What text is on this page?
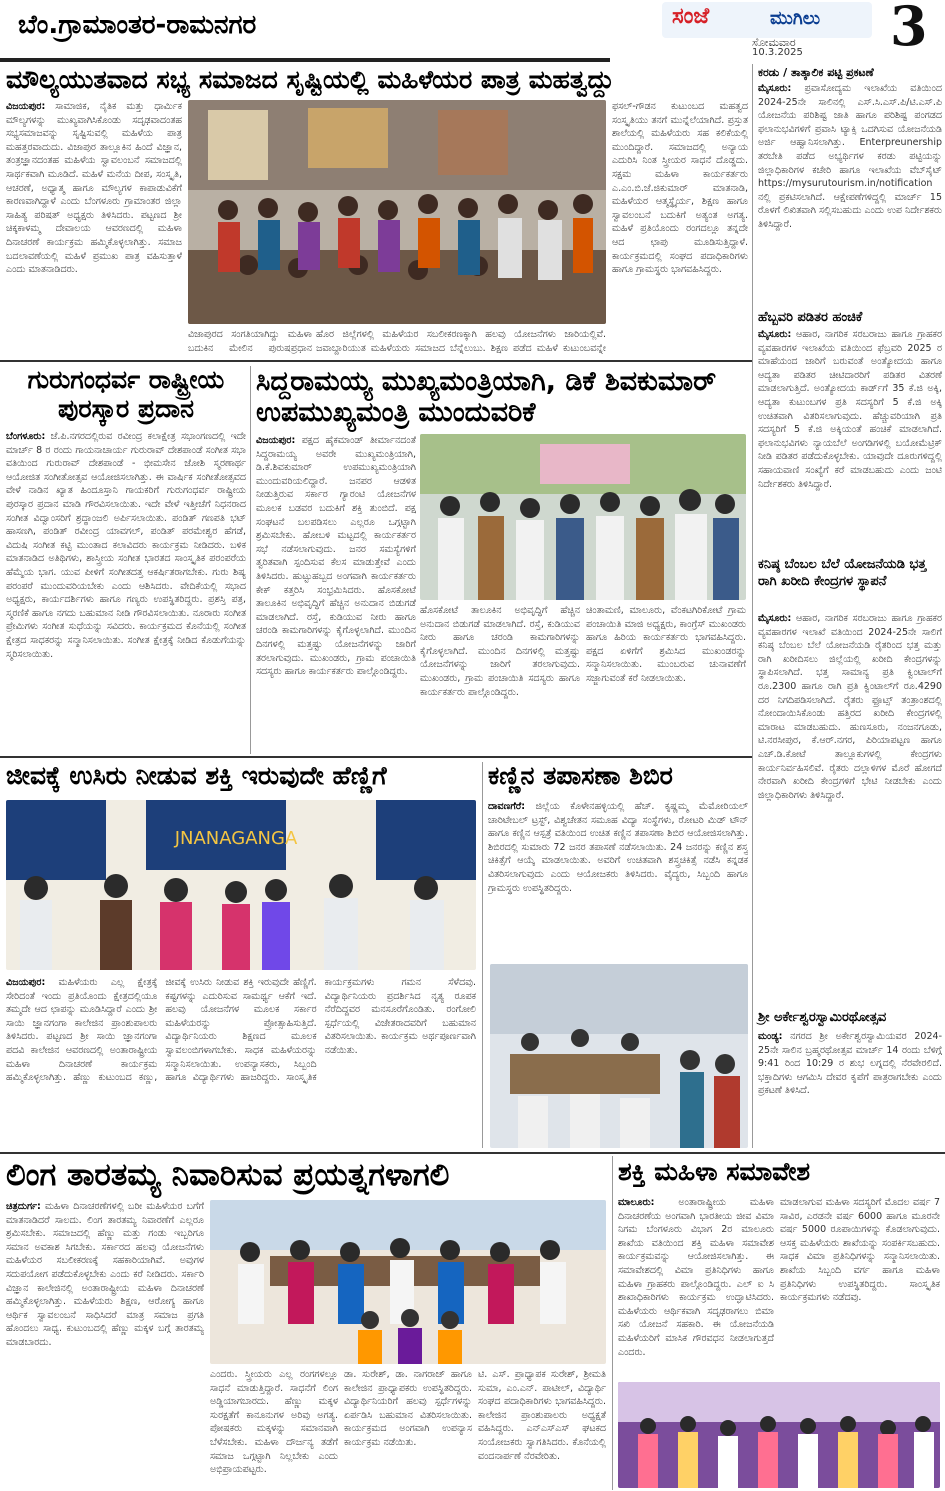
ಬೆಂ.ಗ್ರಾಮಾಂತರ-ರಾಮನಗರ	ಸಂಜೆ	ಮುಗಿಲು
ಸೋಮವಾರ
10.3.2025 3
ಮೌಲ್ಯಯುತವಾದ ಸಭ್ಯ ಸಮಾಜದ ಸೃಷ್ಟಿಯಲ್ಲಿ ಮಹಿಳೆಯರ ಪಾತ್ರ ಮಹತ್ವದ್ದು
ವಿಜಯಪುರ: ಸಾಮಾಜಿಕ, ನೈತಿಕ ಮತ್ತು ಧಾರ್ಮಿಕ ಮೌಲ್ಯಗಳನ್ನು ಮುಖ್ಯವಾಗಿಸಿಕೊಂಡು ಸದೃಢವಾದಂತಹ ಸಭ್ಯಸಮಾಜವನ್ನು ಸೃಷ್ಟಿಸುವಲ್ಲಿ ಮಹಿಳೆಯ ಪಾತ್ರ ಮಹತ್ತರವಾದುದು. ವಿಜಾಪುರ ತಾಲ್ಲೂಕಿನ ಹಿಂದೆ ವಿಜ್ಞಾನ, ತಂತ್ರಜ್ಞಾನದಂತಹ ಮಹಿಳೆಯ ಸ್ವಾವಲಂಬನೆ ಸಮಾಜದಲ್ಲಿ ಸಾರ್ಥಕವಾಗಿ ಮೂಡಿದೆ. ಮಹಿಳೆ ಮನೆಯ ದೀಪ, ಸಂಸ್ಕೃತಿ, ಆಚರಣೆ, ಅಧ್ಯಾತ್ಮ ಹಾಗೂ ಮೌಲ್ಯಗಳ ಕಾಪಾಡುವಿಕೆಗೆ ಕಾರಣವಾಗಿದ್ದಾಳೆ ಎಂದು ಬೆಂಗಳೂರು ಗ್ರಾಮಾಂತರ ಜಿಲ್ಲಾ ಸಾಹಿತ್ಯ ಪರಿಷತ್ ಅಧ್ಯಕ್ಷರು ತಿಳಿಸಿದರು. ಪಟ್ಟಣದ ಶ್ರೀ ಚಿಕ್ಕಕಾಳಮ್ಮ ದೇವಾಲಯ ಆವರಣದಲ್ಲಿ ಮಹಿಳಾ ದಿನಾಚರಣೆ ಕಾರ್ಯಕ್ರಮ ಹಮ್ಮಿಕೊಳ್ಳಲಾಗಿತ್ತು. ಸಮಾಜ ಬದಲಾವಣೆಯಲ್ಲಿ ಮಹಿಳೆ ಪ್ರಮುಖ ಪಾತ್ರ ವಹಿಸುತ್ತಾಳೆ ಎಂದು ಮಾತನಾಡಿದರು.
ವಿಜಾಪುರದ ಸಂಗತಿಯಾಗಿದ್ದು ಮಹಿಳಾ ಬದುಕಿನ ಮೇಲಿನ ಪುರುಷಪ್ರಧಾನ
ಹೊರ ಜಿಲ್ಲೆಗಳಲ್ಲಿ ಮಹಿಳೆಯರ ಸಬಲೀಕರಣಕ್ಕಾಗಿ ಹಲವು ಯೋಜನೆಗಳು ಜಾರಿಯಲ್ಲಿವೆ. ಜವಾಬ್ದಾರಿಯುತ ಮಹಿಳೆಯರು ಸಮಾಜದ ಬೆನ್ನೆಲುಬು. ಶಿಕ್ಷಣ ಪಡೆದ ಮಹಿಳೆ ಕುಟುಂಬವನ್ನೇ
ಗುರುಗಂಧರ್ವ ರಾಷ್ಟ್ರೀಯ ಪುರಸ್ಕಾರ ಪ್ರದಾನ
ಬೆಂಗಳೂರು: ಜೆ.ಪಿ.ನಗರದಲ್ಲಿರುವ ರವೀಂದ್ರ ಕಲಾಕ್ಷೇತ್ರ ಸಭಾಂಗಣದಲ್ಲಿ ಇದೇ ಮಾರ್ಚ್ 8 ರ ರಂದು ಗಾಯನಾಚಾರ್ಯ ಗುರುರಾವ್ ದೇಶಪಾಂಡೆ ಸಂಗೀತ ಸಭಾ ವತಿಯಿಂದ ಗುರುರಾವ್ ದೇಶಪಾಂಡೆ - ಭೀಮಸೇನ ಜೋಶಿ ಸ್ಮರಣಾರ್ಥ ಆಯೋಜಿತ ಸಂಗೀತೋತ್ಸವ ಆಯೋಜಿಸಲಾಗಿತ್ತು. ಈ ವಾರ್ಷಿಕ ಸಂಗೀತೋತ್ಸವದ ವೇಳೆ ನಾಡಿನ ಖ್ಯಾತ ಹಿಂದೂಸ್ತಾನಿ ಗಾಯಕರಿಗೆ ಗುರುಗಂಧರ್ವ ರಾಷ್ಟ್ರೀಯ ಪುರಸ್ಕಾರ ಪ್ರದಾನ ಮಾಡಿ ಗೌರವಿಸಲಾಯಿತು. ಇದೇ ವೇಳೆ ಇತ್ತೀಚೆಗೆ ನಿಧನರಾದ ಸಂಗೀತ ವಿದ್ವಾಂಸರಿಗೆ ಶ್ರದ್ಧಾಂಜಲಿ ಅರ್ಪಿಸಲಾಯಿತು. ಪಂಡಿತ್ ಗಣಪತಿ ಭಟ್ ಹಾಸಣಗಿ, ಪಂಡಿತ್ ರವೀಂದ್ರ ಯಾವಗಲ್, ಪಂಡಿತ್ ಪರಮೇಶ್ವರ ಹೆಗಡೆ, ವಿದುಷಿ ಸಂಗೀತ ಕಟ್ಟಿ ಮುಂತಾದ ಕಲಾವಿದರು ಕಾರ್ಯಕ್ರಮ ನೀಡಿದರು. ಬಳಿಕ ಮಾತನಾಡಿದ ಅತಿಥಿಗಳು, ಶಾಸ್ತ್ರೀಯ ಸಂಗೀತ ಭಾರತದ ಸಾಂಸ್ಕೃತಿಕ ಪರಂಪರೆಯ ಹೆಮ್ಮೆಯ ಭಾಗ. ಯುವ ಪೀಳಿಗೆ ಸಂಗೀತದತ್ತ ಆಕರ್ಷಿತರಾಗಬೇಕು. ಗುರು ಶಿಷ್ಯ ಪರಂಪರೆ ಮುಂದುವರಿಯಬೇಕು ಎಂದು ಆಶಿಸಿದರು. ವೇದಿಕೆಯಲ್ಲಿ ಸಭಾದ ಅಧ್ಯಕ್ಷರು, ಕಾರ್ಯದರ್ಶಿಗಳು ಹಾಗೂ ಗಣ್ಯರು ಉಪಸ್ಥಿತರಿದ್ದರು. ಪ್ರಶಸ್ತಿ ಪತ್ರ, ಸ್ಮರಣಿಕೆ ಹಾಗೂ ನಗದು ಬಹುಮಾನ ನೀಡಿ ಗೌರವಿಸಲಾಯಿತು. ನೂರಾರು ಸಂಗೀತ ಪ್ರೇಮಿಗಳು ಸಂಗೀತ ಸುಧೆಯನ್ನು ಸವಿದರು. ಕಾರ್ಯಕ್ರಮದ ಕೊನೆಯಲ್ಲಿ ಸಂಗೀತ ಕ್ಷೇತ್ರದ ಸಾಧಕರನ್ನು ಸನ್ಮಾನಿಸಲಾಯಿತು. ಸಂಗೀತ ಕ್ಷೇತ್ರಕ್ಕೆ ನೀಡಿದ ಕೊಡುಗೆಯನ್ನು ಸ್ಮರಿಸಲಾಯಿತು.
ಸಿದ್ದರಾಮಯ್ಯ ಮುಖ್ಯಮಂತ್ರಿಯಾಗಿ, ಡಿಕೆ ಶಿವಕುಮಾರ್ ಉಪಮುಖ್ಯಮಂತ್ರಿ ಮುಂದುವರಿಕೆ
ವಿಜಯಪುರ: ಪಕ್ಷದ ಹೈಕಮಾಂಡ್ ತೀರ್ಮಾನದಂತೆ ಸಿದ್ದರಾಮಯ್ಯ ಅವರೇ ಮುಖ್ಯಮಂತ್ರಿಯಾಗಿ, ಡಿ.ಕೆ.ಶಿವಕುಮಾರ್ ಉಪಮುಖ್ಯಮಂತ್ರಿಯಾಗಿ ಮುಂದುವರಿಯಲಿದ್ದಾರೆ. ಜನಪರ ಆಡಳಿತ ನೀಡುತ್ತಿರುವ ಸರ್ಕಾರ ಗ್ಯಾರಂಟಿ ಯೋಜನೆಗಳ ಮೂಲಕ ಬಡವರ ಬದುಕಿಗೆ ಶಕ್ತಿ ತುಂಬಿದೆ. ಪಕ್ಷ ಸಂಘಟನೆ ಬಲಪಡಿಸಲು ಎಲ್ಲರೂ ಒಗ್ಗಟ್ಟಾಗಿ ಶ್ರಮಿಸಬೇಕು. ಹೋಬಳಿ ಮಟ್ಟದಲ್ಲಿ ಕಾರ್ಯಕರ್ತರ ಸಭೆ ನಡೆಸಲಾಗುವುದು. ಜನರ ಸಮಸ್ಯೆಗಳಿಗೆ ತ್ವರಿತವಾಗಿ ಸ್ಪಂದಿಸುವ ಕೆಲಸ ಮಾಡುತ್ತೇವೆ ಎಂದು ತಿಳಿಸಿದರು. ಹುಟ್ಟುಹಬ್ಬದ ಅಂಗವಾಗಿ ಕಾರ್ಯಕರ್ತರು ಕೇಕ್ ಕತ್ತರಿಸಿ ಸಂಭ್ರಮಿಸಿದರು. ಹೊಸಕೋಟೆ ತಾಲೂಕಿನ ಅಭಿವೃದ್ಧಿಗೆ ಹೆಚ್ಚಿನ ಅನುದಾನ ಬಿಡುಗಡೆ ಮಾಡಲಾಗಿದೆ. ರಸ್ತೆ, ಕುಡಿಯುವ ನೀರು ಹಾಗೂ ಚರಂಡಿ ಕಾಮಗಾರಿಗಳನ್ನು ಕೈಗೊಳ್ಳಲಾಗಿದೆ. ಮುಂದಿನ ದಿನಗಳಲ್ಲಿ ಮತ್ತಷ್ಟು ಯೋಜನೆಗಳನ್ನು ಜಾರಿಗೆ ತರಲಾಗುವುದು. ಮುಖಂಡರು, ಗ್ರಾಮ ಪಂಚಾಯಿತಿ ಸದಸ್ಯರು ಹಾಗೂ ಕಾರ್ಯಕರ್ತರು ಪಾಲ್ಗೊಂಡಿದ್ದರು.
ಹೊಸಕೋಟೆ ತಾಲೂಕಿನ ಅಭಿವೃದ್ಧಿಗೆ ಹೆಚ್ಚಿನ ಅನುದಾನ ಬಿಡುಗಡೆ ಮಾಡಲಾಗಿದೆ. ರಸ್ತೆ, ಕುಡಿಯುವ ನೀರು ಹಾಗೂ ಚರಂಡಿ ಕಾಮಗಾರಿಗಳನ್ನು ಕೈಗೊಳ್ಳಲಾಗಿದೆ. ಮುಂದಿನ ದಿನಗಳಲ್ಲಿ ಮತ್ತಷ್ಟು ಯೋಜನೆಗಳನ್ನು ಜಾರಿಗೆ ತರಲಾಗುವುದು. ಮುಖಂಡರು, ಗ್ರಾಮ ಪಂಚಾಯಿತಿ ಸದಸ್ಯರು ಹಾಗೂ ಕಾರ್ಯಕರ್ತರು ಪಾಲ್ಗೊಂಡಿದ್ದರು.
ಚಿಂತಾಮಣಿ, ಮಾಲೂರು, ವೆಂಕಟಗಿರಿಕೋಟೆ ಗ್ರಾಮ ಪಂಚಾಯಿತಿ ಮಾಜಿ ಅಧ್ಯಕ್ಷರು, ಕಾಂಗ್ರೆಸ್ ಮುಖಂಡರು ಹಾಗೂ ಹಿರಿಯ ಕಾರ್ಯಕರ್ತರು ಭಾಗವಹಿಸಿದ್ದರು. ಪಕ್ಷದ ಏಳಿಗೆಗೆ ಶ್ರಮಿಸಿದ ಮುಖಂಡರನ್ನು ಸನ್ಮಾನಿಸಲಾಯಿತು. ಮುಂಬರುವ ಚುನಾವಣೆಗೆ ಸಜ್ಜಾಗುವಂತೆ ಕರೆ ನೀಡಲಾಯಿತು.
ಜೀವಕ್ಕೆ ಉಸಿರು ನೀಡುವ ಶಕ್ತಿ ಇರುವುದೇ ಹೆಣ್ಣಿಗೆ
JNANAGANGA
ವಿಜಯಪುರ: ಮಹಿಳೆಯರು ಎಲ್ಲ ಕ್ಷೇತ್ರಕ್ಕೆ ಸೇರಿದಂತೆ ಇಂದು ಪ್ರತಿಯೊಂದು ಕ್ಷೇತ್ರದಲ್ಲಿಯೂ ತಮ್ಮದೇ ಆದ ಛಾಪನ್ನು ಮೂಡಿಸಿದ್ದಾರೆ ಎಂದು ಶ್ರೀ ಸಾಯಿ ಜ್ಞಾನಗಂಗಾ ಕಾಲೇಜಿನ ಪ್ರಾಂಶುಪಾಲರು ತಿಳಿಸಿದರು. ಪಟ್ಟಣದ ಶ್ರೀ ಸಾಯಿ ಜ್ಞಾನಗಂಗಾ ಪದವಿ ಕಾಲೇಜಿನ ಆವರಣದಲ್ಲಿ ಅಂತಾರಾಷ್ಟ್ರೀಯ ಮಹಿಳಾ ದಿನಾಚರಣೆ ಕಾರ್ಯಕ್ರಮ ಹಮ್ಮಿಕೊಳ್ಳಲಾಗಿತ್ತು. ಹೆಣ್ಣು ಕುಟುಂಬದ ಕಣ್ಣು, ಜೀವಕ್ಕೆ ಉಸಿರು ನೀಡುವ ಶಕ್ತಿ ಇರುವುದೇ ಹೆಣ್ಣಿಗೆ. ಕಷ್ಟಗಳನ್ನು ಎದುರಿಸುವ ಸಾಮರ್ಥ್ಯ ಆಕೆಗೆ ಇದೆ. ಹಲವು ಯೋಜನೆಗಳ ಮೂಲಕ ಸರ್ಕಾರ ಮಹಿಳೆಯರನ್ನು ಪ್ರೋತ್ಸಾಹಿಸುತ್ತಿದೆ. ವಿದ್ಯಾರ್ಥಿನಿಯರು ಶಿಕ್ಷಣದ ಮೂಲಕ ಸ್ವಾವಲಂಬಿಗಳಾಗಬೇಕು. ಸಾಧಕ ಮಹಿಳೆಯರನ್ನು ಸನ್ಮಾನಿಸಲಾಯಿತು. ಉಪನ್ಯಾಸಕರು, ಸಿಬ್ಬಂದಿ ಹಾಗೂ ವಿದ್ಯಾರ್ಥಿಗಳು ಹಾಜರಿದ್ದರು. ಸಾಂಸ್ಕೃತಿಕ ಕಾರ್ಯಕ್ರಮಗಳು ಗಮನ ಸೆಳೆದವು. ವಿದ್ಯಾರ್ಥಿನಿಯರು ಪ್ರದರ್ಶಿಸಿದ ನೃತ್ಯ ರೂಪಕ ನೆರೆದಿದ್ದವರ ಮನಸೂರೆಗೊಂಡಿತು. ರಂಗೋಲಿ ಸ್ಪರ್ಧೆಯಲ್ಲಿ ವಿಜೇತರಾದವರಿಗೆ ಬಹುಮಾನ ವಿತರಿಸಲಾಯಿತು. ಕಾರ್ಯಕ್ರಮ ಅರ್ಥಪೂರ್ಣವಾಗಿ ನಡೆಯಿತು.
ಕಣ್ಣಿನ ತಪಾಸಣಾ ಶಿಬಿರ
ದಾವಣಗೆರೆ: ಜಿಲ್ಲೆಯ ಕೊಳೇನಹಳ್ಳಿಯಲ್ಲಿ ಹೆಚ್. ಕೃಷ್ಣಮ್ಮ ಮೆಮೋರಿಯಲ್ ಚಾರಿಟೇಬಲ್ ಟ್ರಸ್ಟ್, ವಿಶ್ವಚೇತನ ಸಮೂಹ ವಿದ್ಯಾ ಸಂಸ್ಥೆಗಳು, ರೋಟರಿ ಮಿಡ್ ಟೌನ್ ಹಾಗೂ ಕಣ್ಣಿನ ಆಸ್ಪತ್ರೆ ವತಿಯಿಂದ ಉಚಿತ ಕಣ್ಣಿನ ತಪಾಸಣಾ ಶಿಬಿರ ಆಯೋಜಿಸಲಾಗಿತ್ತು. ಶಿಬಿರದಲ್ಲಿ ಸುಮಾರು 72 ಜನರ ತಪಾಸಣೆ ನಡೆಸಲಾಯಿತು. 24 ಜನರನ್ನು ಕಣ್ಣಿನ ಶಸ್ತ್ರ ಚಿಕಿತ್ಸೆಗೆ ಆಯ್ಕೆ ಮಾಡಲಾಯಿತು. ಅವರಿಗೆ ಉಚಿತವಾಗಿ ಶಸ್ತ್ರಚಿಕಿತ್ಸೆ ನಡೆಸಿ ಕನ್ನಡಕ ವಿತರಿಸಲಾಗುವುದು ಎಂದು ಆಯೋಜಕರು ತಿಳಿಸಿದರು. ವೈದ್ಯರು, ಸಿಬ್ಬಂದಿ ಹಾಗೂ ಗ್ರಾಮಸ್ಥರು ಉಪಸ್ಥಿತರಿದ್ದರು.
ಲಿಂಗ ತಾರತಮ್ಯ ನಿವಾರಿಸುವ ಪ್ರಯತ್ನಗಳಾಗಲಿ
ಚಿತ್ರದುರ್ಗ: ಮಹಿಳಾ ದಿನಾಚರಣೆಗಳಲ್ಲಿ ಬರೀ ಮಹಿಳೆಯರ ಬಗೆಗೆ ಮಾತನಾಡಿದರೆ ಸಾಲದು. ಲಿಂಗ ತಾರತಮ್ಯ ನಿವಾರಣೆಗೆ ಎಲ್ಲರೂ ಶ್ರಮಿಸಬೇಕು. ಸಮಾಜದಲ್ಲಿ ಹೆಣ್ಣು ಮತ್ತು ಗಂಡು ಇಬ್ಬರಿಗೂ ಸಮಾನ ಅವಕಾಶ ಸಿಗಬೇಕು. ಸರ್ಕಾರದ ಹಲವು ಯೋಜನೆಗಳು ಮಹಿಳೆಯರ ಸಬಲೀಕರಣಕ್ಕೆ ಸಹಕಾರಿಯಾಗಿವೆ. ಅವುಗಳ ಸದುಪಯೋಗ ಪಡೆದುಕೊಳ್ಳಬೇಕು ಎಂದು ಕರೆ ನೀಡಿದರು. ಸರ್ಕಾರಿ ವಿಜ್ಞಾನ ಕಾಲೇಜಿನಲ್ಲಿ ಅಂತಾರಾಷ್ಟ್ರೀಯ ಮಹಿಳಾ ದಿನಾಚರಣೆ ಹಮ್ಮಿಕೊಳ್ಳಲಾಗಿತ್ತು. ಮಹಿಳೆಯರು ಶಿಕ್ಷಣ, ಆರೋಗ್ಯ ಹಾಗೂ ಆರ್ಥಿಕ ಸ್ವಾವಲಂಬನೆ ಸಾಧಿಸಿದರೆ ಮಾತ್ರ ಸಮಾಜ ಪ್ರಗತಿ ಹೊಂದಲು ಸಾಧ್ಯ. ಕುಟುಂಬದಲ್ಲಿ ಹೆಣ್ಣು ಮಕ್ಕಳ ಬಗ್ಗೆ ತಾರತಮ್ಯ ಮಾಡಬಾರದು.
ಎಂದರು. ಸ್ತ್ರೀಯರು ಎಲ್ಲ ರಂಗಗಳಲ್ಲೂ ಸಾಧನೆ ಮಾಡುತ್ತಿದ್ದಾರೆ. ಸಾಧನೆಗೆ ಲಿಂಗ ಅಡ್ಡಿಯಾಗಬಾರದು. ಹೆಣ್ಣು ಮಕ್ಕಳ ಸುರಕ್ಷತೆಗೆ ಕಾನೂನುಗಳ ಅರಿವು ಅಗತ್ಯ. ಪೋಷಕರು ಮಕ್ಕಳನ್ನು ಸಮಾನವಾಗಿ ಬೆಳೆಸಬೇಕು. ಮಹಿಳಾ ದೌರ್ಜನ್ಯ ತಡೆಗೆ ಸಮಾಜ ಒಗ್ಗಟ್ಟಾಗಿ ನಿಲ್ಲಬೇಕು ಎಂದು ಅಭಿಪ್ರಾಯಪಟ್ಟರು.
ಡಾ. ಸುರೇಶ್, ಡಾ. ನಾಗರಾಜ್ ಹಾಗೂ ಕಾಲೇಜಿನ ಪ್ರಾಧ್ಯಾಪಕರು ಉಪಸ್ಥಿತರಿದ್ದರು. ವಿದ್ಯಾರ್ಥಿನಿಯರಿಗೆ ಹಲವು ಸ್ಪರ್ಧೆಗಳನ್ನು ಏರ್ಪಡಿಸಿ ಬಹುಮಾನ ವಿತರಿಸಲಾಯಿತು. ಕಾರ್ಯಕ್ರಮದ ಅಂಗವಾಗಿ ಉಪನ್ಯಾಸ ಕಾರ್ಯಕ್ರಮ ನಡೆಯಿತು.
ಟಿ. ಎಸ್. ಪ್ರಾಧ್ಯಾಪಕ ಸುರೇಶ್, ಶ್ರೀಮತಿ ಸುಮಾ, ಎಂ.ಎನ್. ಪಾಟೀಲ್, ವಿದ್ಯಾರ್ಥಿ ಸಂಘದ ಪದಾಧಿಕಾರಿಗಳು ಭಾಗವಹಿಸಿದ್ದರು. ಕಾಲೇಜಿನ ಪ್ರಾಂಶುಪಾಲರು ಅಧ್ಯಕ್ಷತೆ ವಹಿಸಿದ್ದರು. ಎನ್‌ಎಸ್‌ಎಸ್ ಘಟಕದ ಸಂಯೋಜಕರು ಸ್ವಾಗತಿಸಿದರು. ಕೊನೆಯಲ್ಲಿ ವಂದನಾರ್ಪಣೆ ನೆರವೇರಿತು.
ಶಕ್ತಿ ಮಹಿಳಾ ಸಮಾವೇಶ
ಮಾಲೂರು:	ಅಂತಾರಾಷ್ಟ್ರೀಯ ಮಹಿಳಾ ದಿನಾಚರಣೆಯ ಅಂಗವಾಗಿ ಭಾರತೀಯ ಜೀವ ವಿಮಾ ನಿಗಮ ಬೆಂಗಳೂರು ವಿಭಾಗ 2ರ ಮಾಲೂರು ಶಾಖೆಯ ವತಿಯಿಂದ ಶಕ್ತಿ ಮಹಿಳಾ ಸಮಾವೇಶ ಕಾರ್ಯಕ್ರಮವನ್ನು ಆಯೋಜಿಸಲಾಗಿತ್ತು. ಈ ಸಮಾವೇಶದಲ್ಲಿ ವಿಮಾ ಪ್ರತಿನಿಧಿಗಳು ಹಾಗೂ ಮಹಿಳಾ ಗ್ರಾಹಕರು ಪಾಲ್ಗೊಂಡಿದ್ದರು. ಎಲ್ ಐ ಸಿ ಶಾಖಾಧಿಕಾರಿಗಳು ಕಾರ್ಯಕ್ರಮ ಉದ್ಘಾಟಿಸಿದರು. ಮಹಿಳೆಯರು ಆರ್ಥಿಕವಾಗಿ ಸದೃಢರಾಗಲು ಬಿಮಾ ಸಖಿ ಯೋಜನೆ ಸಹಕಾರಿ. ಈ ಯೋಜನೆಯಡಿ ಮಹಿಳೆಯರಿಗೆ ಮಾಸಿಕ ಗೌರವಧನ ನೀಡಲಾಗುತ್ತದೆ ಎಂದರು.
ಮಾಡಲಾಗುವ ಮಹಿಳಾ ಸದಸ್ಯರಿಗೆ ಮೊದಲ ವರ್ಷ 7 ಸಾವಿರ, ಎರಡನೇ ವರ್ಷ 6000 ಹಾಗೂ ಮೂರನೇ ವರ್ಷ 5000 ರೂಪಾಯಿಗಳನ್ನು ಕೊಡಲಾಗುವುದು. ಆಸಕ್ತ ಮಹಿಳೆಯರು ಶಾಖೆಯನ್ನು ಸಂಪರ್ಕಿಸಬಹುದು. ಸಾಧಕ ವಿಮಾ ಪ್ರತಿನಿಧಿಗಳನ್ನು ಸನ್ಮಾನಿಸಲಾಯಿತು. ಶಾಖೆಯ ಸಿಬ್ಬಂದಿ ವರ್ಗ ಹಾಗೂ ಮಹಿಳಾ ಪ್ರತಿನಿಧಿಗಳು ಉಪಸ್ಥಿತರಿದ್ದರು. ಸಾಂಸ್ಕೃತಿಕ ಕಾರ್ಯಕ್ರಮಗಳು ನಡೆದವು.
ಕರಡು / ತಾತ್ಕಾಲಿಕ ಪಟ್ಟಿ ಪ್ರಕಟಣೆ
ಮೈಸೂರು: ಪ್ರವಾಸೋದ್ಯಮ ಇಲಾಖೆಯ ವತಿಯಿಂದ 2024-25ನೇ ಸಾಲಿನಲ್ಲಿ ಎಸ್.ಸಿ.ಎಸ್.ಪಿ/ಟಿ.ಎಸ್.ಪಿ ಯೋಜನೆಯ ಪರಿಶಿಷ್ಟ ಜಾತಿ ಹಾಗೂ ಪರಿಶಿಷ್ಟ ಪಂಗಡದ ಫಲಾನುಭವಿಗಳಿಗೆ ಪ್ರವಾಸಿ ಟ್ಯಾಕ್ಸಿ ಒದಗಿಸುವ ಯೋಜನೆಯಡಿ ಅರ್ಜಿ ಆಹ್ವಾನಿಸಲಾಗಿತ್ತು. Enterpreunership ತರಬೇತಿ ಪಡೆದ ಅಭ್ಯರ್ಥಿಗಳ ಕರಡು ಪಟ್ಟಿಯನ್ನು ಜಿಲ್ಲಾಧಿಕಾರಿಗಳ ಕಚೇರಿ ಹಾಗೂ ಇಲಾಖೆಯ ವೆಬ್‌ಸೈಟ್ https://mysurutourism.in/notification ನಲ್ಲಿ ಪ್ರಕಟಿಸಲಾಗಿದೆ. ಆಕ್ಷೇಪಣೆಗಳಿದ್ದಲ್ಲಿ ಮಾರ್ಚ್ 15 ರೊಳಗೆ ಲಿಖಿತವಾಗಿ ಸಲ್ಲಿಸಬಹುದು ಎಂದು ಉಪ ನಿರ್ದೇಶಕರು ತಿಳಿಸಿದ್ದಾರೆ.
ಹೆಬ್ಬವರಿ ಪಡಿತರ ಹಂಚಿಕೆ
ಮೈಸೂರು: ಆಹಾರ, ನಾಗರಿಕ ಸರಬರಾಜು ಹಾಗೂ ಗ್ರಾಹಕರ ವ್ಯವಹಾರಗಳ ಇಲಾಖೆಯ ವತಿಯಿಂದ ಫೆಬ್ರವರಿ 2025 ರ ಮಾಹೆಯಂದ ಜಾರಿಗೆ ಬರುವಂತೆ ಅಂತ್ಯೋದಯ ಹಾಗೂ ಆದ್ಯತಾ ಪಡಿತರ ಚೀಟಿದಾರರಿಗೆ ಪಡಿತರ ವಿತರಣೆ ಮಾಡಲಾಗುತ್ತಿದೆ. ಅಂತ್ಯೋದಯ ಕಾರ್ಡ್‌ಗೆ 35 ಕೆ.ಜಿ ಅಕ್ಕಿ, ಆದ್ಯತಾ ಕುಟುಂಬಗಳ ಪ್ರತಿ ಸದಸ್ಯರಿಗೆ 5 ಕೆ.ಜಿ ಅಕ್ಕಿ ಉಚಿತವಾಗಿ ವಿತರಿಸಲಾಗುವುದು. ಹೆಚ್ಚುವರಿಯಾಗಿ ಪ್ರತಿ ಸದಸ್ಯರಿಗೆ 5 ಕೆ.ಜಿ ಅಕ್ಕಿಯಂತೆ ಹಂಚಿಕೆ ಮಾಡಲಾಗಿದೆ. ಫಲಾನುಭವಿಗಳು ನ್ಯಾಯಬೆಲೆ ಅಂಗಡಿಗಳಲ್ಲಿ ಬಯೋಮೆಟ್ರಿಕ್ ನೀಡಿ ಪಡಿತರ ಪಡೆದುಕೊಳ್ಳಬೇಕು. ಯಾವುದೇ ದೂರುಗಳಿದ್ದಲ್ಲಿ ಸಹಾಯವಾಣಿ ಸಂಖ್ಯೆಗೆ ಕರೆ ಮಾಡಬಹುದು ಎಂದು ಜಂಟಿ ನಿರ್ದೇಶಕರು ತಿಳಿಸಿದ್ದಾರೆ.
ಕನಿಷ್ಠ ಬೆಂಬಲ ಬೆಲೆ ಯೋಜನೆಯಡಿ ಭತ್ತ ರಾಗಿ ಖರೀದಿ ಕೇಂದ್ರಗಳ ಸ್ಥಾಪನೆ
ಮೈಸೂರು: ಆಹಾರ, ನಾಗರಿಕ ಸರಬರಾಜು ಹಾಗೂ ಗ್ರಾಹಕರ ವ್ಯವಹಾರಗಳ ಇಲಾಖೆ ವತಿಯಿಂದ 2024-25ನೇ ಸಾಲಿಗೆ ಕನಿಷ್ಠ ಬೆಂಬಲ ಬೆಲೆ ಯೋಜನೆಯಡಿ ರೈತರಿಂದ ಭತ್ತ ಮತ್ತು ರಾಗಿ ಖರೀದಿಸಲು ಜಿಲ್ಲೆಯಲ್ಲಿ ಖರೀದಿ ಕೇಂದ್ರಗಳನ್ನು ಸ್ಥಾಪಿಸಲಾಗಿದೆ. ಭತ್ತ ಸಾಮಾನ್ಯ ಪ್ರತಿ ಕ್ವಿಂಟಾಲ್‌ಗೆ ರೂ.2300 ಹಾಗೂ ರಾಗಿ ಪ್ರತಿ ಕ್ವಿಂಟಾಲ್‌ಗೆ ರೂ.4290 ದರ ನಿಗದಿಪಡಿಸಲಾಗಿದೆ. ರೈತರು ಫ್ರೂಟ್ಸ್ ತಂತ್ರಾಂಶದಲ್ಲಿ ನೋಂದಾಯಿಸಿಕೊಂಡು ಹತ್ತಿರದ ಖರೀದಿ ಕೇಂದ್ರಗಳಲ್ಲಿ ಮಾರಾಟ ಮಾಡಬಹುದು. ಹುಣಸೂರು, ನಂಜನಗೂಡು, ಟಿ.ನರಸೀಪುರ, ಕೆ.ಆರ್.ನಗರ, ಪಿರಿಯಾಪಟ್ಟಣ ಹಾಗೂ ಎಚ್.ಡಿ.ಕೋಟೆ ತಾಲ್ಲೂಕುಗಳಲ್ಲಿ ಕೇಂದ್ರಗಳು ಕಾರ್ಯನಿರ್ವಹಿಸಲಿವೆ. ರೈತರು ದಲ್ಲಾಳಿಗಳ ಮೊರೆ ಹೋಗದೆ ನೇರವಾಗಿ ಖರೀದಿ ಕೇಂದ್ರಗಳಿಗೆ ಭೇಟಿ ನೀಡಬೇಕು ಎಂದು ಜಿಲ್ಲಾಧಿಕಾರಿಗಳು ತಿಳಿಸಿದ್ದಾರೆ.
ಶ್ರೀ ಅರ್ಕೇಶ್ವರಸ್ವಾಮಿರಥೋತ್ಸವ
ಮಂಡ್ಯ: ನಗರದ ಶ್ರೀ ಅರ್ಕೇಶ್ವರಸ್ವಾಮಿಯವರ 2024-25ನೇ ಸಾಲಿನ ಬ್ರಹ್ಮರಥೋತ್ಸವ ಮಾರ್ಚ್ 14 ರಂದು ಬೆಳಿಗ್ಗೆ 9:41 ರಿಂದ 10:29 ರ ಶುಭ ಲಗ್ನದಲ್ಲಿ ನೆರವೇರಲಿದೆ. ಭಕ್ತಾದಿಗಳು ಆಗಮಿಸಿ ದೇವರ ಕೃಪೆಗೆ ಪಾತ್ರರಾಗಬೇಕು ಎಂದು ಪ್ರಕಟಣೆ ತಿಳಿಸಿದೆ.
ಫಸಲ್-ಗೌಡನ ಕುಟುಂಬದ ಮಹತ್ವದ ಸಂಸ್ಕೃತಿಯು ತನಗೆ ಮುನ್ನೆಲೆಯಾಗಿದೆ. ಪ್ರಸ್ತುತ ಶಾಲೆಯಲ್ಲಿ ಮಹಿಳೆಯರು ಸಹ ಕಲಿಕೆಯಲ್ಲಿ ಮುಂದಿದ್ದಾರೆ. ಸಮಾಜದಲ್ಲಿ ಅನ್ಯಾಯ ಎದುರಿಸಿ ನಿಂತ ಸ್ತ್ರೀಯರ ಸಾಧನೆ ದೊಡ್ಡದು. ಸಕ್ಷಮ ಮಹಿಳಾ ಕಾರ್ಯಕರ್ತರು ಎ.ಎಂ.ಬಿ.ಜೆ.ಜಿಕುಮಾರ್ ಮಾತನಾಡಿ, ಮಹಿಳೆಯರ ಆತ್ಮಸ್ಥೈರ್ಯ, ಶಿಕ್ಷಣ ಹಾಗೂ ಸ್ವಾವಲಂಬನೆ ಬದುಕಿಗೆ ಅತ್ಯಂತ ಅಗತ್ಯ. ಮಹಿಳೆ ಪ್ರತಿಯೊಂದು ರಂಗದಲ್ಲೂ ತನ್ನದೇ ಆದ ಛಾಪು ಮೂಡಿಸುತ್ತಿದ್ದಾಳೆ. ಕಾರ್ಯಕ್ರಮದಲ್ಲಿ ಸಂಘದ ಪದಾಧಿಕಾರಿಗಳು ಹಾಗೂ ಗ್ರಾಮಸ್ಥರು ಭಾಗವಹಿಸಿದ್ದರು.
